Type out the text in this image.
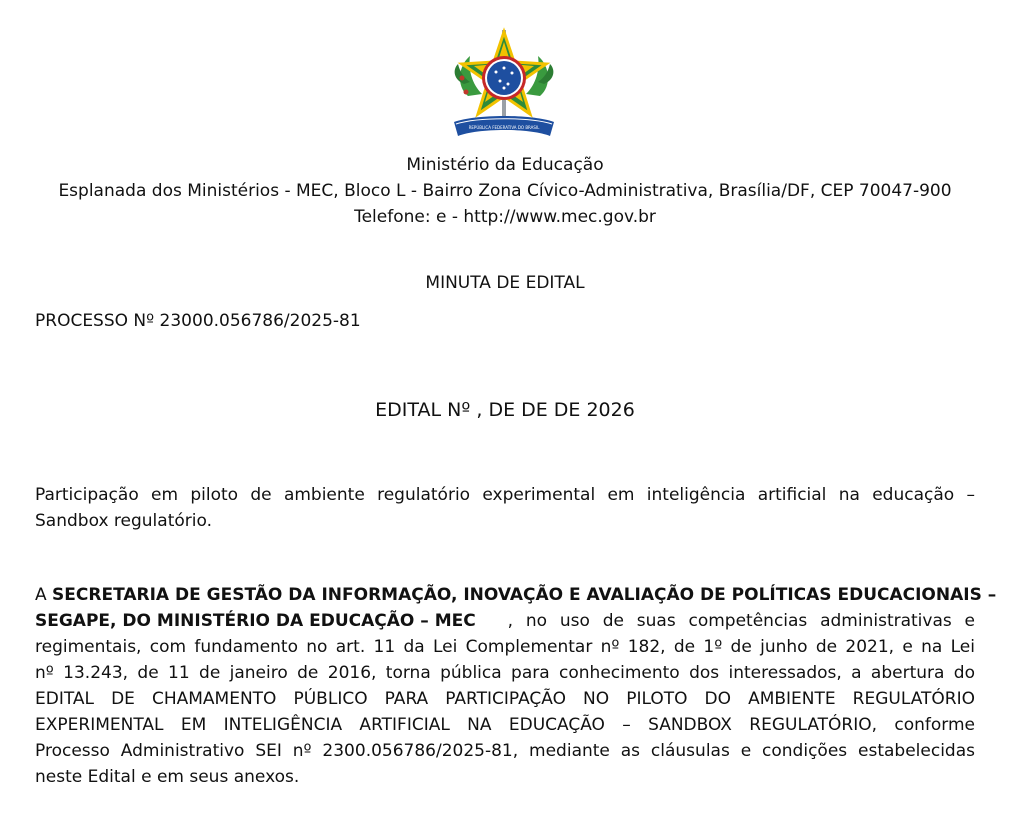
REPÚBLICA FEDERATIVA DO BRASIL
Ministério da Educação
Esplanada dos Ministérios - MEC, Bloco L - Bairro Zona Cívico-Administrativa, Brasília/DF, CEP 70047-900
Telefone: e - http://www.mec.gov.br
MINUTA DE EDITAL
PROCESSO Nº 23000.056786/2025-81
EDITAL Nº , DE DE DE 2026
Participação em piloto de ambiente regulatório experimental em inteligência artificial na educação –
Sandbox regulatório.
A SECRETARIA DE GESTÃO DA INFORMAÇÃO, INOVAÇÃO E AVALIAÇÃO DE POLÍTICAS EDUCACIONAIS –
, no uso de suas competências administrativas e
SEGAPE, DO MINISTÉRIO DA EDUCAÇÃO – MEC
regimentais, com fundamento no art. 11 da Lei Complementar nº 182, de 1º de junho de 2021, e na Lei
nº 13.243, de 11 de janeiro de 2016, torna pública para conhecimento dos interessados, a abertura do
EDITAL DE CHAMAMENTO PÚBLICO PARA PARTICIPAÇÃO NO PILOTO DO AMBIENTE REGULATÓRIO
EXPERIMENTAL EM INTELIGÊNCIA ARTIFICIAL NA EDUCAÇÃO – SANDBOX REGULATÓRIO, conforme
Processo Administrativo SEI nº 2300.056786/2025-81, mediante as cláusulas e condições estabelecidas
neste Edital e em seus anexos.
